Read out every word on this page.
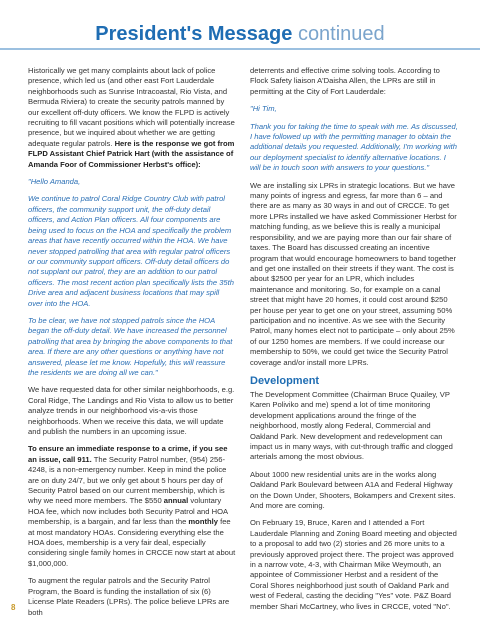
President's Message continued

Historically we get many complaints about lack of police presence, which led us (and other east Fort Lauderdale neighborhoods such as Sunrise Intracoastal, Rio Vista, and Bermuda Riviera) to create the security patrols manned by our excellent off-duty officers. We know the FLPD is actively recruiting to fill vacant positions which will potentially increase presence, but we inquired about whether we are getting adequate regular patrols. Here is the response we got from FLPD Assistant Chief Patrick Hart (with the assistance of Amanda Foor of Commissioner Herbst's office):

"Hello Amanda,

We continue to patrol Coral Ridge Country Club with patrol officers, the community support unit, the off-duty detail officers, and Action Plan officers. All four components are being used to focus on the HOA and specifically the problem areas that have recently occurred within the HOA. We have never stopped patrolling that area with regular patrol officers or our community support officers. Off-duty detail officers do not supplant our patrol, they are an addition to our patrol officers. The most recent action plan specifically lists the 35th Drive area and adjacent business locations that may spill over into the HOA.

To be clear, we have not stopped patrols since the HOA began the off-duty detail. We have increased the personnel patrolling that area by bringing the above components to that area. If there are any other questions or anything have not answered, please let me know. Hopefully, this will reassure the residents we are doing all we can."

We have requested data for other similar neighborhoods, e.g. Coral Ridge, The Landings and Rio Vista to allow us to better analyze trends in our neighborhood vis-a-vis those neighborhoods. When we receive this data, we will update and publish the numbers in an upcoming issue.

To ensure an immediate response to a crime, if you see an issue, call 911. The Security Patrol number, (954) 256-4248, is a non-emergency number. Keep in mind the police are on duty 24/7, but we only get about 5 hours per day of Security Patrol based on our current membership, which is why we need more members. The $550 annual voluntary HOA fee, which now includes both Security Patrol and HOA membership, is a bargain, and far less than the monthly fee at most mandatory HOAs. Considering everything else the HOA does, membership is a very fair deal, especially considering single family homes in CRCCE now start at about $1,000,000.

To augment the regular patrols and the Security Patrol Program, the Board is funding the installation of six (6) License Plate Readers (LPRs). The police believe LPRs are both

deterrents and effective crime solving tools. According to Flock Safety liaison A'Daisha Allen, the LPRs are still in permitting at the City of Fort Lauderdale:

"Hi Tim,

Thank you for taking the time to speak with me. As discussed, I have followed up with the permitting manager to obtain the additional details you requested. Additionally, I'm working with our deployment specialist to identify alternative locations. I will be in touch soon with answers to your questions."

We are installing six LPRs in strategic locations. But we have many points of ingress and egress, far more than 6 – and there are as many as 30 ways in and out of CRCCE. To get more LPRs installed we have asked Commissioner Herbst for matching funding, as we believe this is really a municipal responsibility, and we are paying more than our fair share of taxes. The Board has discussed creating an incentive program that would encourage homeowners to band together and get one installed on their streets if they want. The cost is about $2500 per year for an LPR, which includes maintenance and monitoring. So, for example on a canal street that might have 20 homes, it could cost around $250 per house per year to get one on your street, assuming 50% participation and no incentive. As we see with the Security Patrol, many homes elect not to participate – only about 25% of our 1250 homes are members. If we could increase our membership to 50%, we could get twice the Security Patrol coverage and/or install more LPRs.

Development

The Development Committee (Chairman Bruce Quailey, VP Karen Poliviko and me) spend a lot of time monitoring development applications around the fringe of the neighborhood, mostly along Federal, Commercial and Oakland Park. New development and redevelopment can impact us in many ways, with cut-through traffic and clogged arterials among the most obvious.

About 1000 new residential units are in the works along Oakland Park Boulevard between A1A and Federal Highway on the Down Under, Shooters, Bokampers and Crexent sites. And more are coming.

On February 19, Bruce, Karen and I attended a Fort Lauderdale Planning and Zoning Board meeting and objected to a proposal to add two (2) stories and 26 more units to a previously approved project there. The project was approved in a narrow vote, 4-3, with Chairman Mike Weymouth, an appointee of Commissioner Herbst and a resident of the Coral Shores neighborhood just south of Oakland Park and west of Federal, casting the deciding "Yes" vote. P&Z Board member Shari McCartney, who lives in CRCCE, voted "No".

8
